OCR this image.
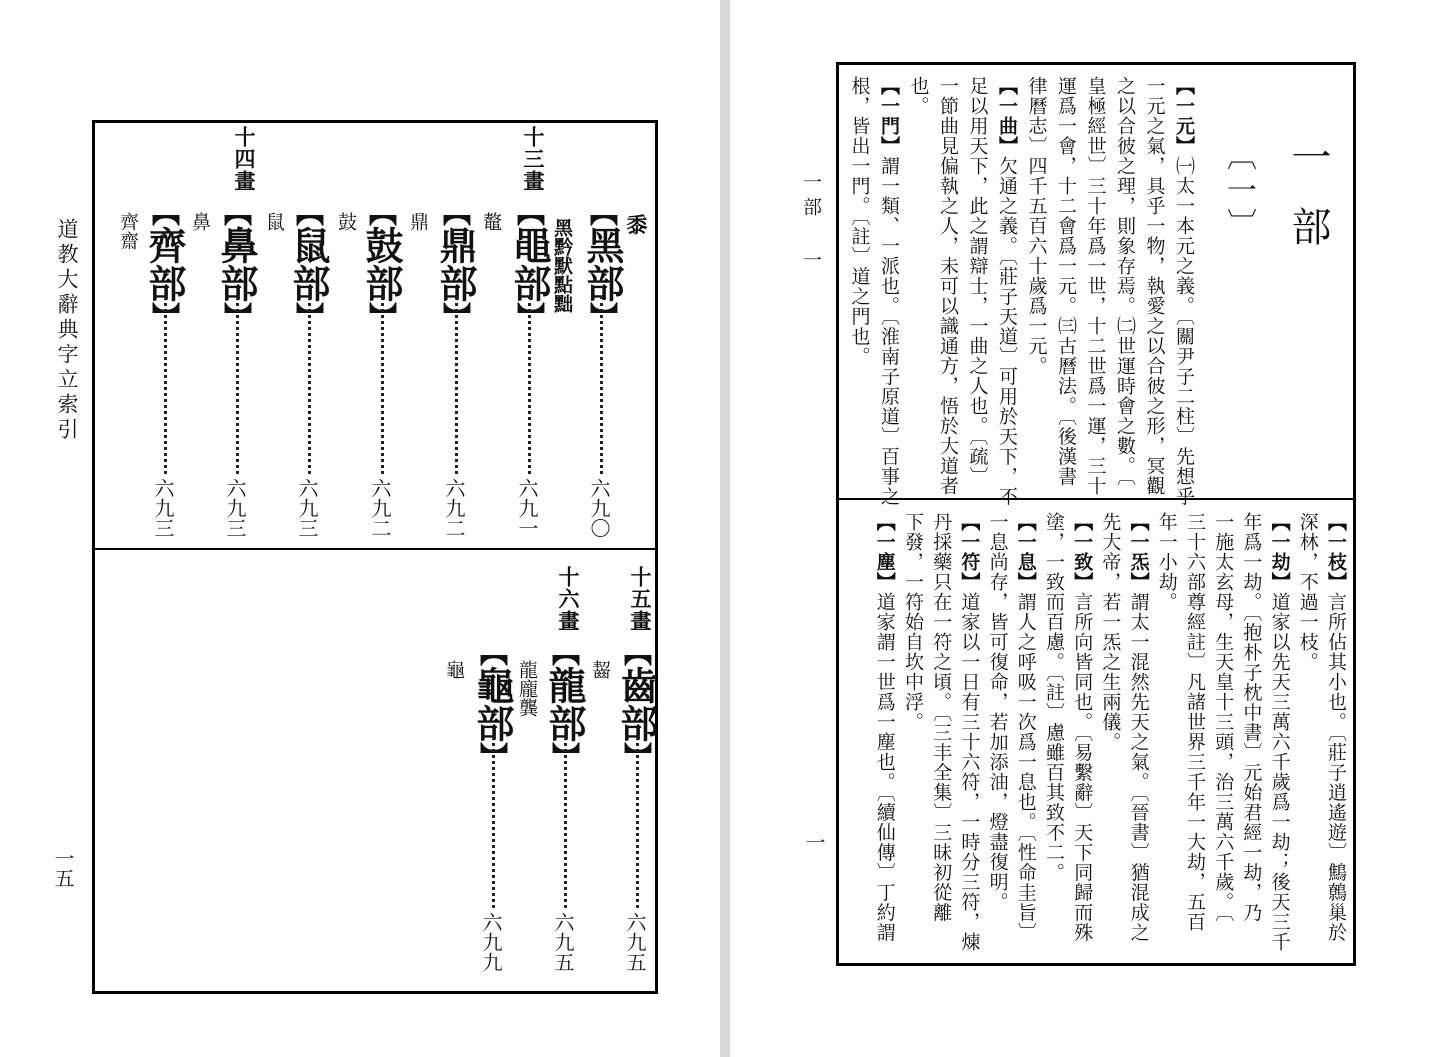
道教大辭典字立索引
一五
黍
【黑部】
六九〇
黑黔默點黜
十三畫
鼇 【黽部】
六九一
鼎 【鼎部】
六九二
鼓 【鼓部】
六九二
鼠 【鼠部】
六九三
十四畫
鼻 【鼻部】
六九三
齊齋 【齊部】
六九三
十五畫
齧
【齒部】
六九五
十六畫
龍龐龔
【龍部】
六九五
龜
【龜部】
六九九
一部 一
一
一部
〔一〕
【一元】㈠太一本元之義。〔關尹子二柱〕先想乎
一元之氣，具乎一物，執愛之以合彼之形，冥觀
之以合彼之理，則象存焉。㈡世運時會之數。〔
皇極經世〕三十年爲一世，十二世爲一運，三十
運爲一會，十二會爲一元。㈢古曆法。〔後漢書
律曆志〕四千五百六十歲爲一元。
【一曲】欠通之義。〔莊子天道〕可用於天下，不
足以用天下，此之謂辯士，一曲之人也。〔疏〕
一節曲見偏執之人，未可以識通方，悟於大道者
也。
【一門】謂一類、一派也。〔淮南子原道〕百事之
根，皆出一門。〔註〕道之門也。
【一枝】言所佔其小也。〔莊子逍遙遊〕鷦鷯巢於
深林，不過一枝。
【一劫】道家以先天三萬六千歲爲一劫；後天三千
年爲一劫。〔抱朴子枕中書〕元始君經一劫，乃
一施太玄母，生天皇十三頭，治三萬六千歲。〔
三十六部尊經註〕凡諸世界三千年一大劫，五百
年一小劫。
【一炁】謂太一混然先天之氣。〔晉書〕猶混成之
先大帝，若一炁之生兩儀。
【一致】言所向皆同也。〔易繫辭〕天下同歸而殊
塗，一致而百慮。〔註〕慮雖百其致不二。
【一息】謂人之呼吸一次爲一息也。〔性命圭旨〕
一息尚存，皆可復命，若加添油，燈盡復明。
【一符】道家以一日有三十六符，一時分三符，煉
丹採藥只在一符之頃。〔三丰全集〕三昧初從離
下發，一符始自坎中浮。
【一塵】道家謂一世爲一塵也。〔續仙傳〕丁約謂
